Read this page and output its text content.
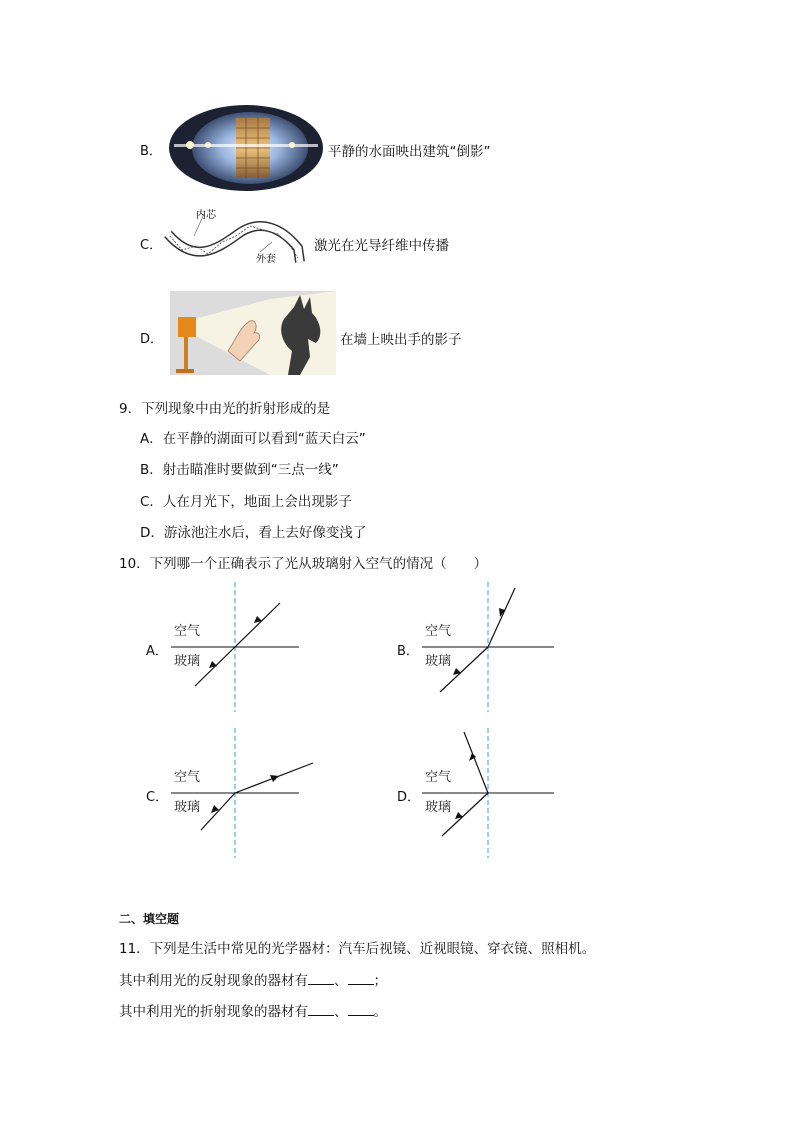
B．	平静的水面映出建筑“倒影”
C．
内芯
外套
激光在光导纤维中传播
D．	在墙上映出手的影子
9．下列现象中由光的折射形成的是
A．在平静的湖面可以看到“蓝天白云”
B．射击瞄准时要做到“三点一线”
C．人在月光下，地面上会出现影子
D．游泳池注水后，看上去好像变浅了
10．下列哪一个正确表示了光从玻璃射入空气的情况（　　）
A．
空气
玻璃
B．
空气
玻璃
C．
空气
玻璃
D．
空气
玻璃
二、填空题
11．下列是生活中常见的光学器材：汽车后视镜、近视眼镜、穿衣镜、照相机。
其中利用光的反射现象的器材有 、 ；
其中利用光的折射现象的器材有 、 。
